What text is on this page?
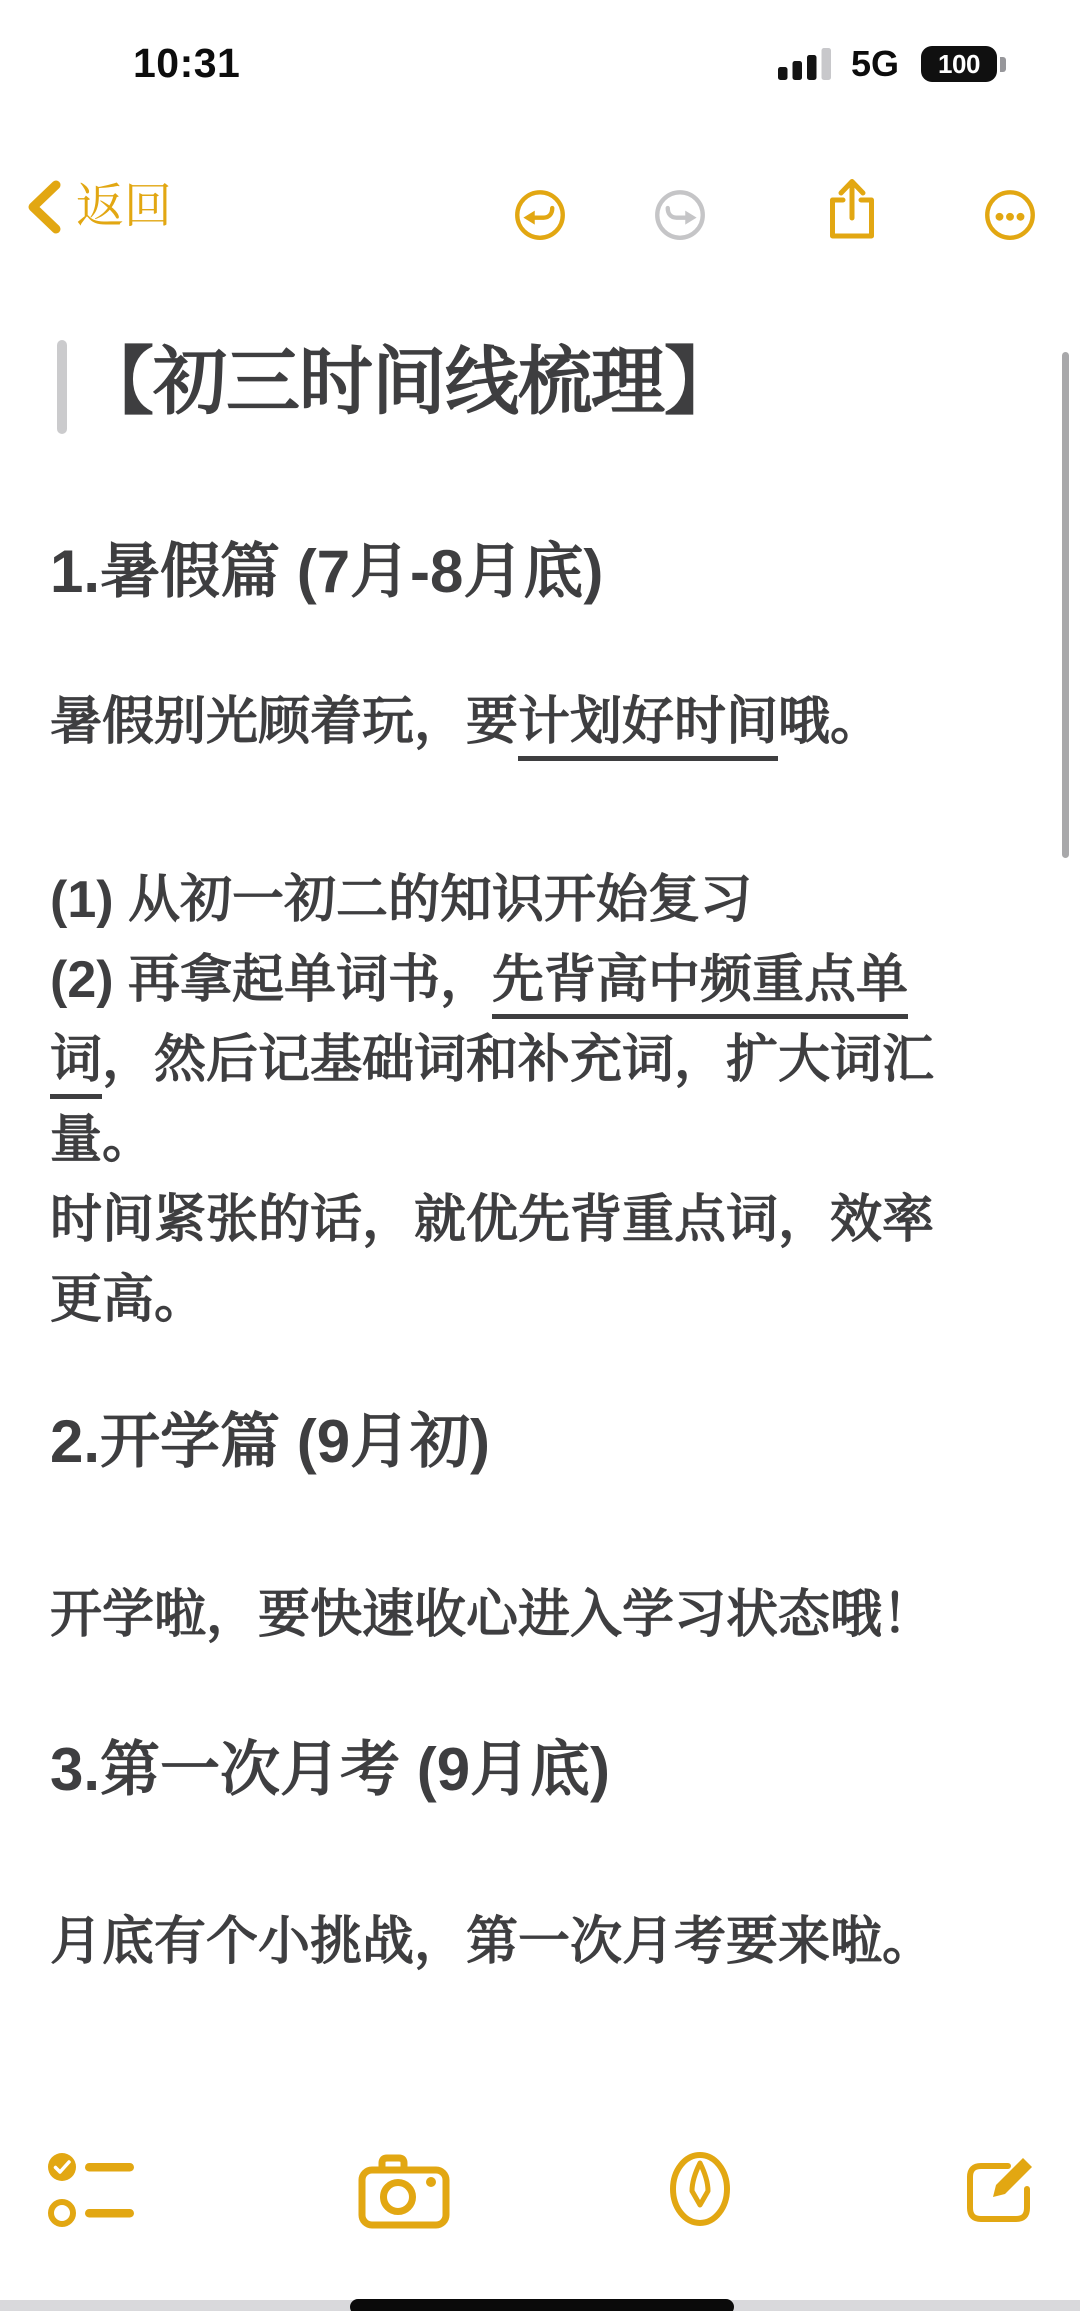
10:31	5G 100
返回
【初三时间线梳理】
1.暑假篇 (7月-8月底)
暑假别光顾着玩，要计划好时间哦。
(1) 从初一初二的知识开始复习
(2) 再拿起单词书，先背高中频重点单
词，然后记基础词和补充词，扩大词汇
量。
时间紧张的话，就优先背重点词，效率
更高。
2.开学篇 (9月初)
开学啦，要快速收心进入学习状态哦！
3.第一次月考 (9月底)
月底有个小挑战，第一次月考要来啦。
